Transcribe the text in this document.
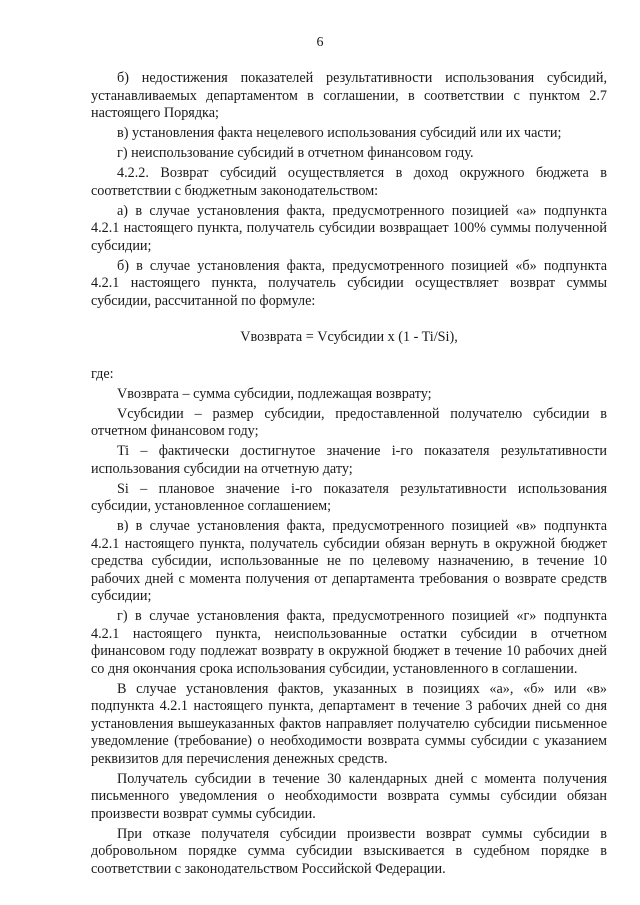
6

б) недостижения показателей результативности использования субсидий, устанавливаемых департаментом в соглашении, в соответствии с пунктом 2.7 настоящего Порядка;

в) установления факта нецелевого использования субсидий или их части;

г) неиспользование субсидий в отчетном финансовом году.

4.2.2. Возврат субсидий осуществляется в доход окружного бюджета в соответствии с бюджетным законодательством:

а) в случае установления факта, предусмотренного позицией «а» подпункта 4.2.1 настоящего пункта, получатель субсидии возвращает 100% суммы полученной субсидии;

б) в случае установления факта, предусмотренного позицией «б» подпункта 4.2.1 настоящего пункта, получатель субсидии осуществляет возврат суммы субсидии, рассчитанной по формуле:

Vвозврата = Vсубсидии x (1 - Ti/Si),

где:

Vвозврата – сумма субсидии, подлежащая возврату;

Vсубсидии – размер субсидии, предоставленной получателю субсидии в отчетном финансовом году;

Ti – фактически достигнутое значение i-го показателя результативности использования субсидии на отчетную дату;

Si – плановое значение i-го показателя результативности использования субсидии, установленное соглашением;

в) в случае установления факта, предусмотренного позицией «в» подпункта 4.2.1 настоящего пункта, получатель субсидии обязан вернуть в окружной бюджет средства субсидии, использованные не по целевому назначению, в течение 10 рабочих дней с момента получения от департамента требования о возврате средств субсидии;

г) в случае установления факта, предусмотренного позицией «г» подпункта 4.2.1 настоящего пункта, неиспользованные остатки субсидии в отчетном финансовом году подлежат возврату в окружной бюджет в течение 10 рабочих дней со дня окончания срока использования субсидии, установленного в соглашении.

В случае установления фактов, указанных в позициях «а», «б» или «в» подпункта 4.2.1 настоящего пункта, департамент в течение 3 рабочих дней со дня установления вышеуказанных фактов направляет получателю субсидии письменное уведомление (требование) о необходимости возврата суммы субсидии с указанием реквизитов для перечисления денежных средств.

Получатель субсидии в течение 30 календарных дней с момента получения письменного уведомления о необходимости возврата суммы субсидии обязан произвести возврат суммы субсидии.

При отказе получателя субсидии произвести возврат суммы субсидии в добровольном порядке сумма субсидии взыскивается в судебном порядке в соответствии с законодательством Российской Федерации.
